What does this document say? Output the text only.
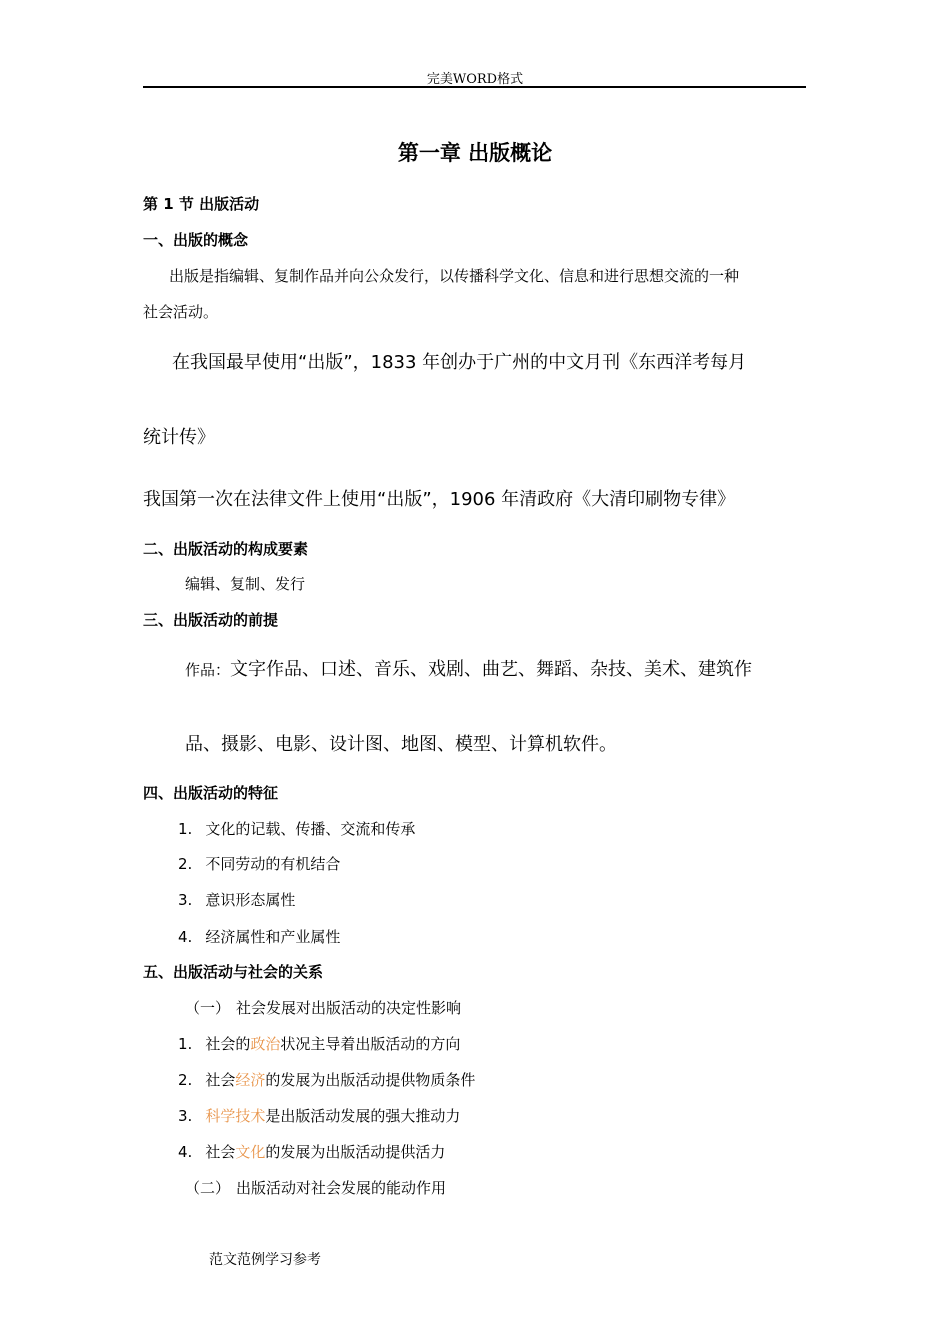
完美WORD格式
第一章 出版概论
第 1 节 出版活动
一、出版的概念
出版是指编辑、复制作品并向公众发行，以传播科学文化、信息和进行思想交流的一种
社会活动。
在我国最早使用“出版”，1833 年创办于广州的中文月刊《东西洋考每月
统计传》
我国第一次在法律文件上使用“出版”，1906 年清政府《大清印刷物专律》
二、出版活动的构成要素
编辑、复制、发行
三、出版活动的前提
作品：文字作品、口述、音乐、戏剧、曲艺、舞蹈、杂技、美术、建筑作
品、摄影、电影、设计图、地图、模型、计算机软件。
四、出版活动的特征
1. 文化的记载、传播、交流和传承
2. 不同劳动的有机结合
3. 意识形态属性
4. 经济属性和产业属性
五、出版活动与社会的关系
（一） 社会发展对出版活动的决定性影响
1. 社会的政治状况主导着出版活动的方向
2. 社会经济的发展为出版活动提供物质条件
3. 科学技术是出版活动发展的强大推动力
4. 社会文化的发展为出版活动提供活力
（二） 出版活动对社会发展的能动作用
范文范例学习参考
